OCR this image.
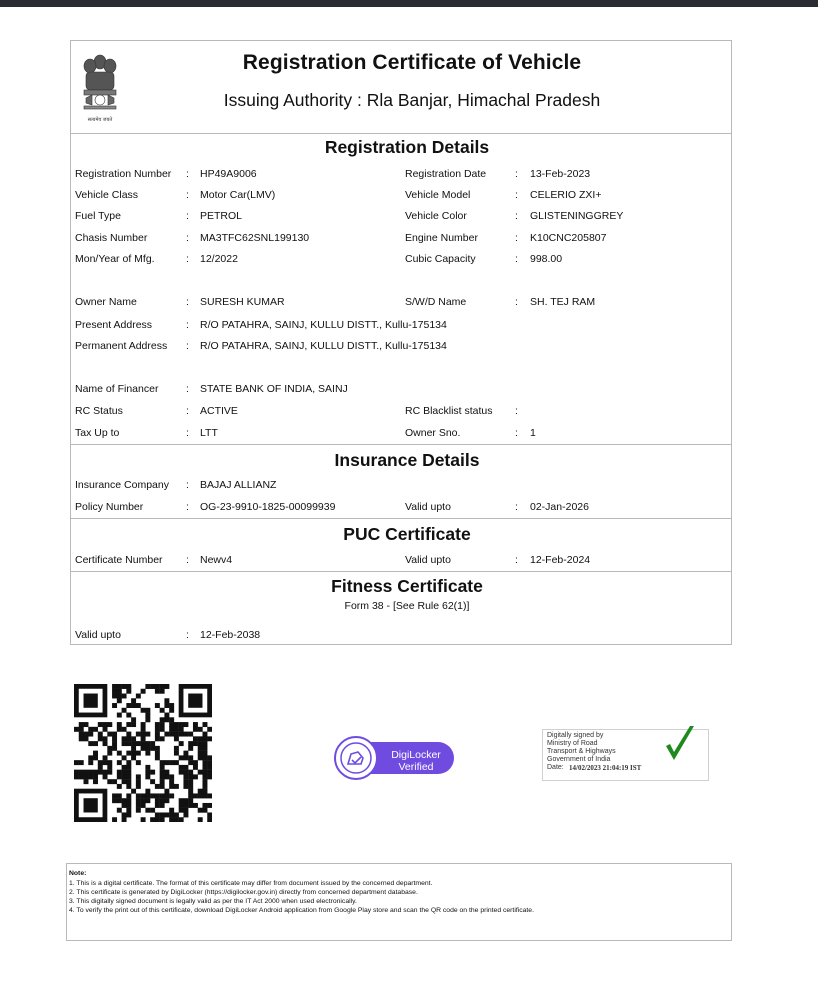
सत्यमेव जयते
Registration Certificate of Vehicle
Issuing Authority : Rla Banjar, Himachal Pradesh
Registration Details
Registration Number : HP49A9006	Registration Date	: 13-Feb-2023
Vehicle Class	: Motor Car(LMV)	Vehicle Model	: CELERIO ZXI+
Fuel Type	: PETROL	Vehicle Color	: GLISTENINGGREY
Chasis Number	: MA3TFC62SNL199130	Engine Number	: K10CNC205807
Mon/Year of Mfg.	: 12/2022	Cubic Capacity	: 998.00
Owner Name	: SURESH KUMAR	S/W/D Name	: SH. TEJ RAM
Present Address	: R/O PATAHRA, SAINJ, KULLU DISTT., Kullu-175134
Permanent Address : R/O PATAHRA, SAINJ, KULLU DISTT., Kullu-175134
Name of Financer	: STATE BANK OF INDIA, SAINJ
RC Status	: ACTIVE	RC Blacklist status :
Tax Up to	: LTT	Owner Sno.	: 1
Insurance Details
Insurance Company : BAJAJ ALLIANZ
Policy Number	: OG-23-9910-1825-00099939	Valid upto	: 02-Jan-2026
PUC Certificate
Certificate Number : Newv4	Valid upto	: 12-Feb-2024
Fitness Certificate
Form 38 - [See Rule 62(1)]
Valid upto	: 12-Feb-2038
DigiLocker
Verified
Digitally signed by
Ministry of Road
Transport & Highways
Government of India
Date: 14/02/2023 21:04:19 IST
Note:
1. This is a digital certificate. The format of this certificate may differ from document issued by the concerned department.
2. This certificate is generated by DigiLocker (https://digilocker.gov.in) directly from concerned department database.
3. This digitally signed document is legally valid as per the IT Act 2000 when used electronically.
4. To verify the print out of this certificate, download DigiLocker Android application from Google Play store and scan the QR code on the printed certificate.
